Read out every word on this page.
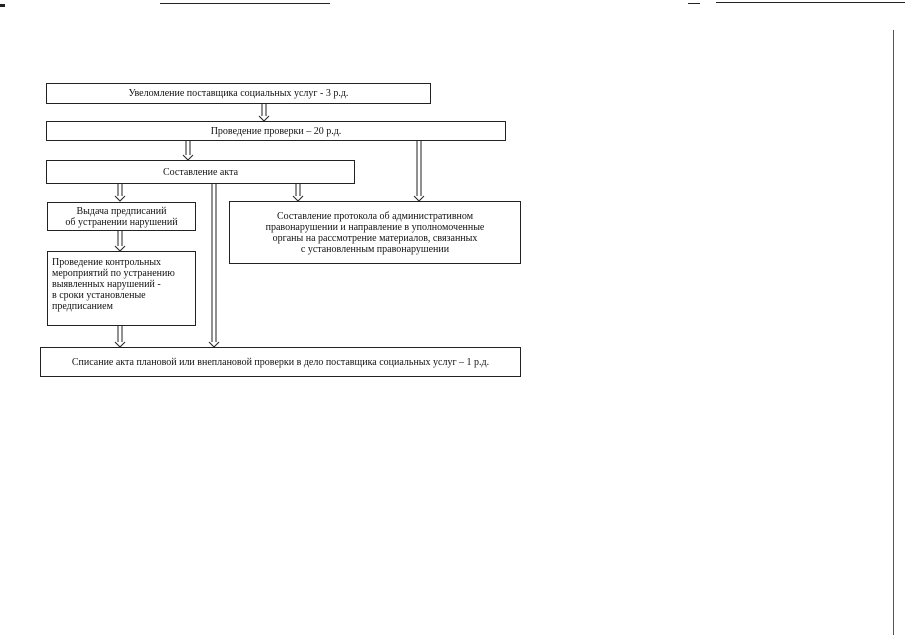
Увеломление поставщика социальных услуг - 3 р.д.
Проведение проверки – 20 р.д.
Составление акта
Выдача предписаний
об устранении нарушений
Проведение контрольных
мероприятий по устранению
выявленных нарушений -
в сроки установленые
предписанием
Составление протокола об административном
правонарушении и направление в уполномоченные
органы на рассмотрение материалов, связанных
с установленным правонарушении
Списание акта плановой или внеплановой проверки в дело поставщика социальных услуг – 1 р.д.
